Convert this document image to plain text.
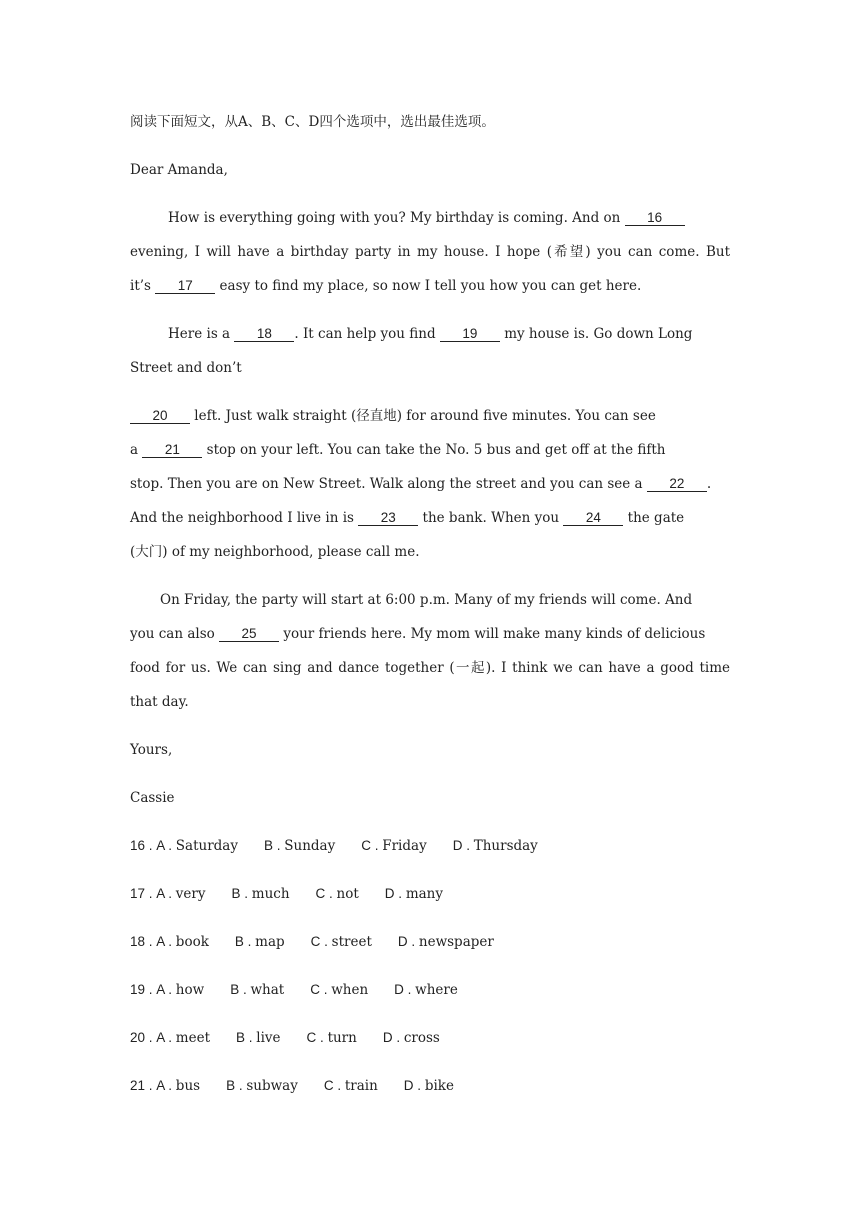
阅读下面短文，从A、B、C、D四个选项中，选出最佳选项。
Dear Amanda,
How is everything going with you? My birthday is coming. And on 16
evening, I will have a birthday party in my house. I hope (希望) you can come. But
it’s 17 easy to find my place, so now I tell you how you can get here.
Here is a 18 . It can help you find 19 my house is. Go down Long
Street and don’t
20 left. Just walk straight (径直地) for around five minutes. You can see
a 21 stop on your left. You can take the No. 5 bus and get off at the fifth
stop. Then you are on New Street. Walk along the street and you can see a 22 .
And the neighborhood I live in is 23 the bank. When you 24 the gate
(大门) of my neighborhood, please call me.
On Friday, the party will start at 6:00 p.m. Many of my friends will come. And
you can also 25 your friends here. My mom will make many kinds of delicious
food for us. We can sing and dance together (一起). I think we can have a good time
that day.
Yours,
Cassie
16 . A . Saturday B . Sunday C . Friday D . Thursday
17 . A . very B . much C . not D . many
18 . A . book B . map C . street D . newspaper
19 . A . how B . what C . when D . where
20 . A . meet B . live C . turn D . cross
21 . A . bus B . subway C . train D . bike
